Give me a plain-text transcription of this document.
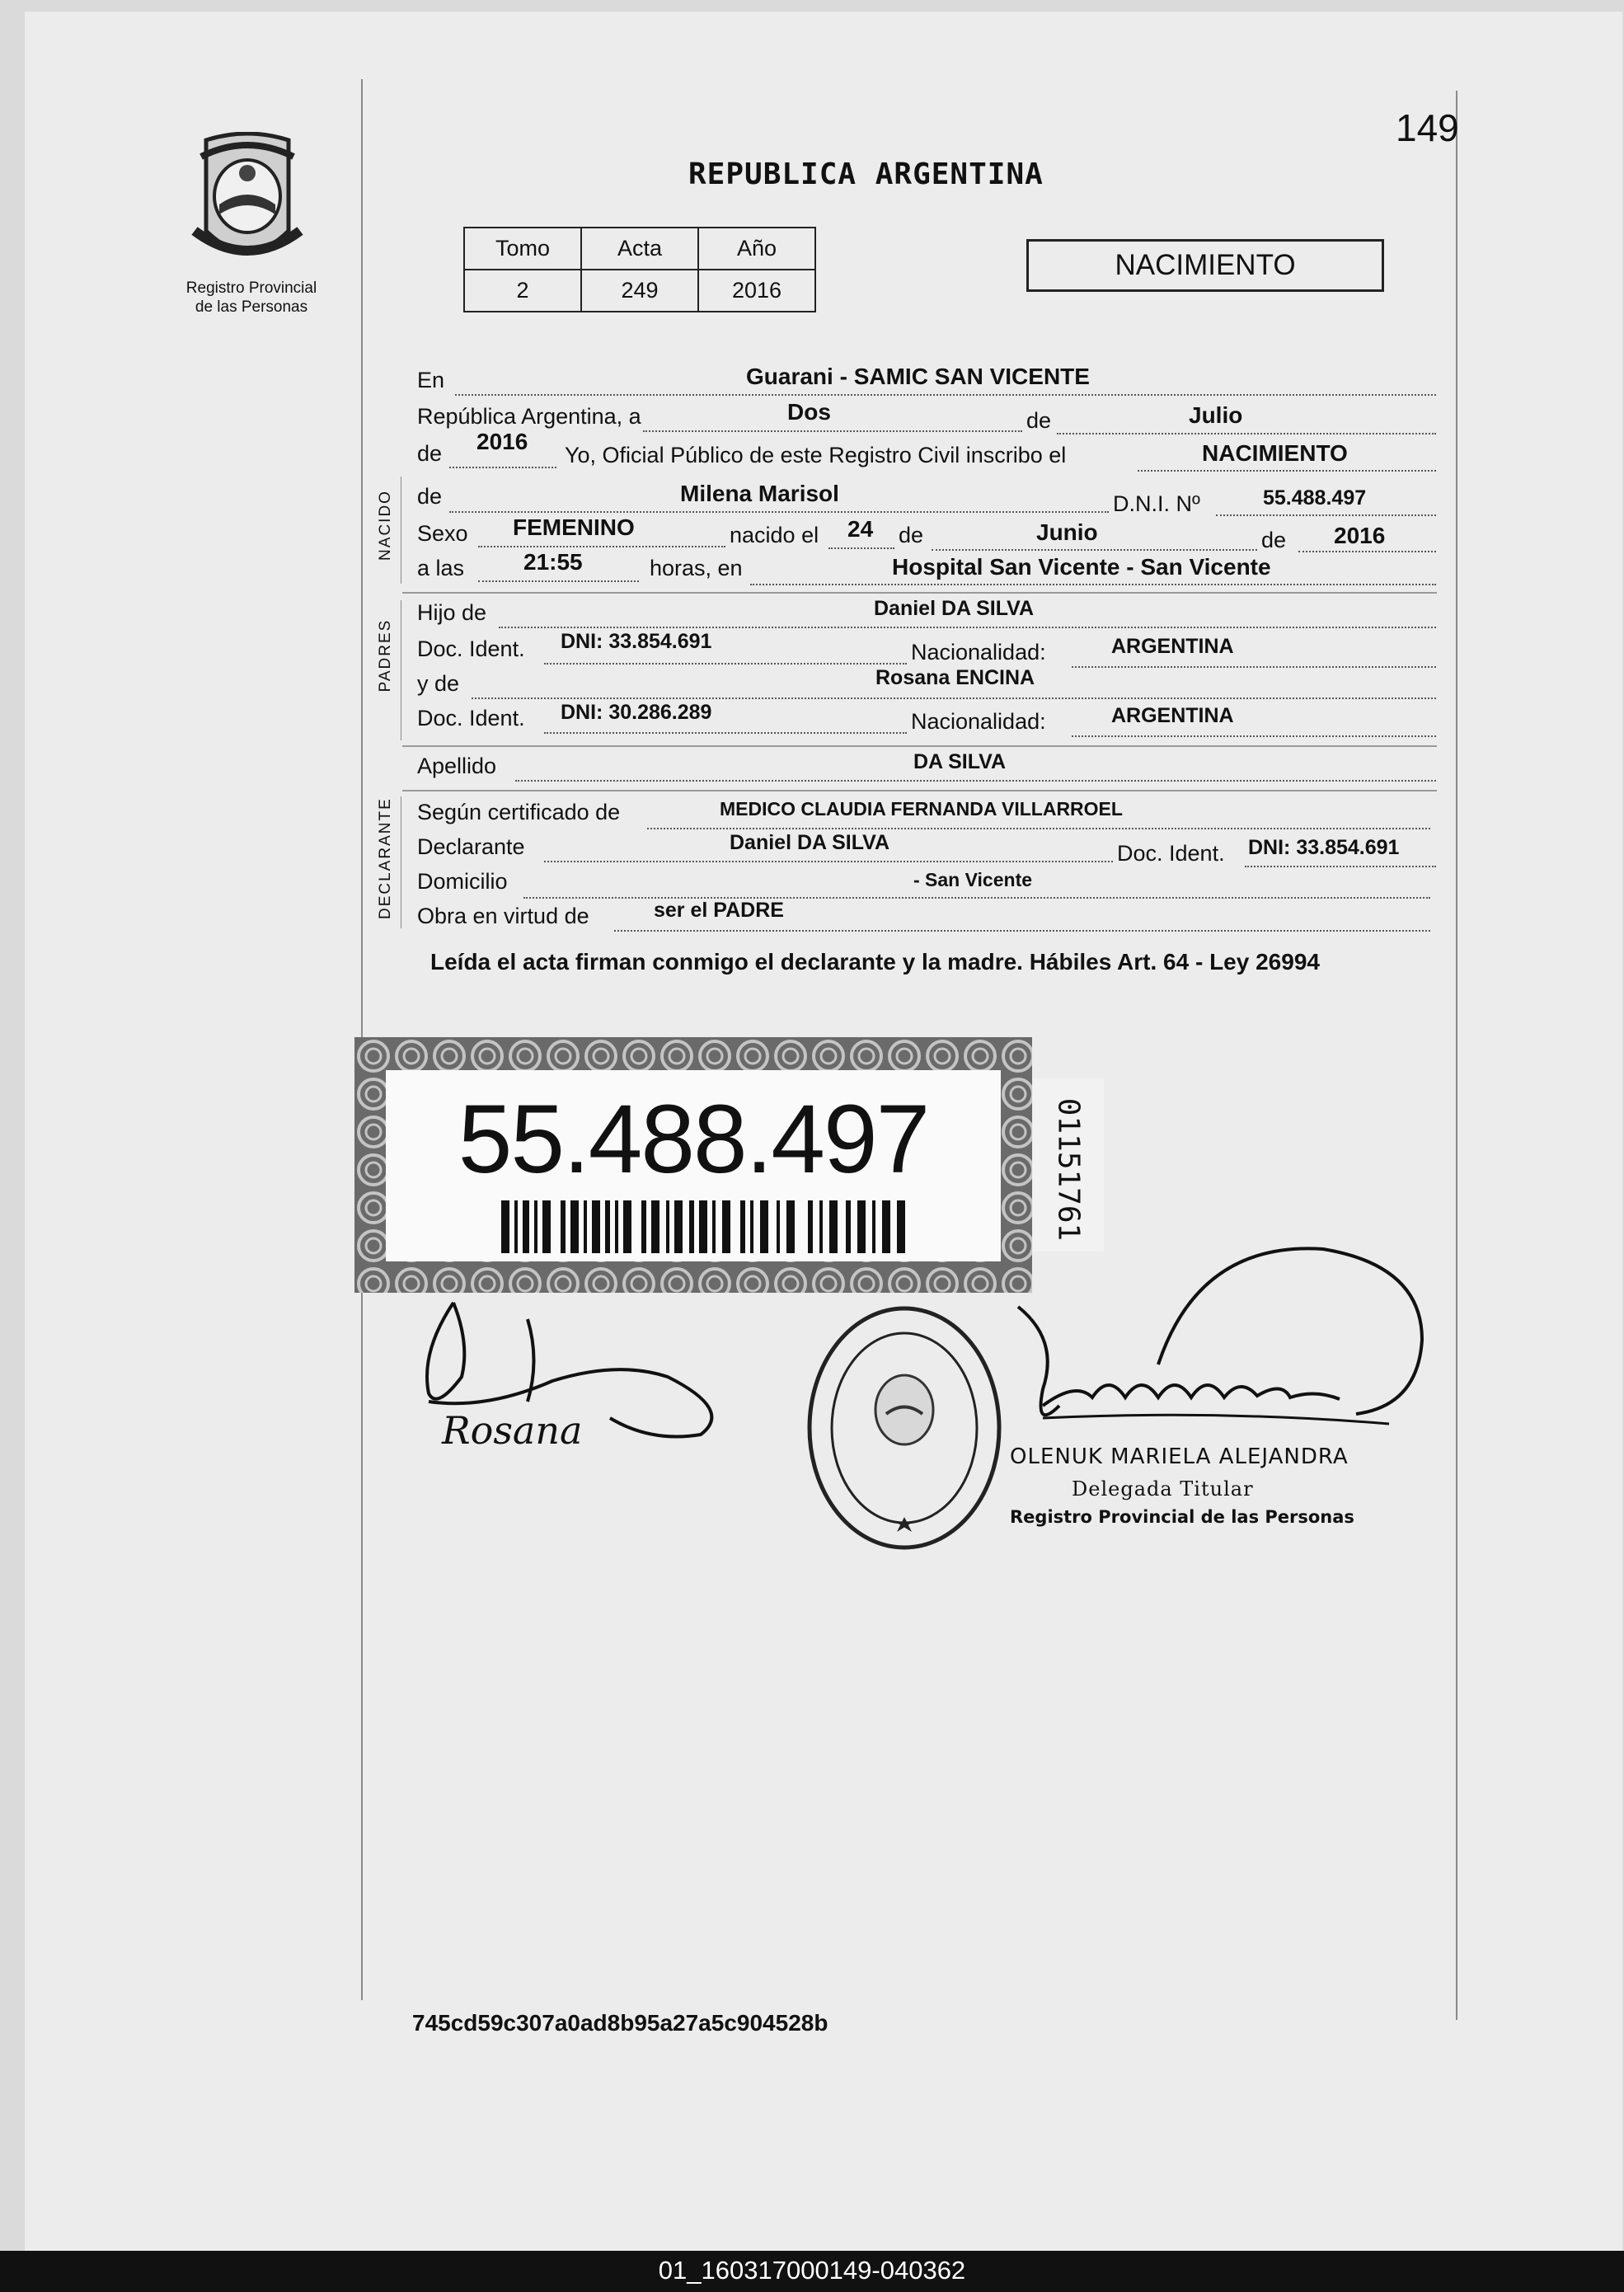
149
Registro Provincial
de las Personas
REPUBLICA ARGENTINA
Tomo	Acta	Año
2	249	2016
NACIMIENTO
En	Guarani - SAMIC SAN VICENTE
República Argentina, a	Dos	de	Julio
de 2016
Yo, Oficial Público de este Registro Civil inscribo el	NACIMIENTO
NACIDO de	Milena Marisol	D.N.I. Nº	55.488.497
Sexo FEMENINO	nacido el 24 de	Junio	de 2016
a las	21:55	horas, en	Hospital San Vicente - San Vicente
PADRES
Hijo de	Daniel DA SILVA
Doc. Ident. DNI: 33.854.691	Nacionalidad:	ARGENTINA
y de	Rosana ENCINA
Doc. Ident. DNI: 30.286.289	Nacionalidad:	ARGENTINA
Apellido	DA SILVA
DECLARANTE Según certificado de	MEDICO CLAUDIA FERNANDA VILLARROEL
Declarante	Daniel DA SILVA	Doc. Ident. DNI: 33.854.691
Domicilio	- San Vicente
Obra en virtud de	ser el PADRE
Leída el acta firman conmigo el declarante y la madre. Hábiles Art. 64 - Ley 26994
55.488.497	01151761
Rosana
OLENUK MARIELA ALEJANDRA
Delegada Titular
Registro Provincial de las Personas
745cd59c307a0ad8b95a27a5c904528b
01_160317000149-040362
